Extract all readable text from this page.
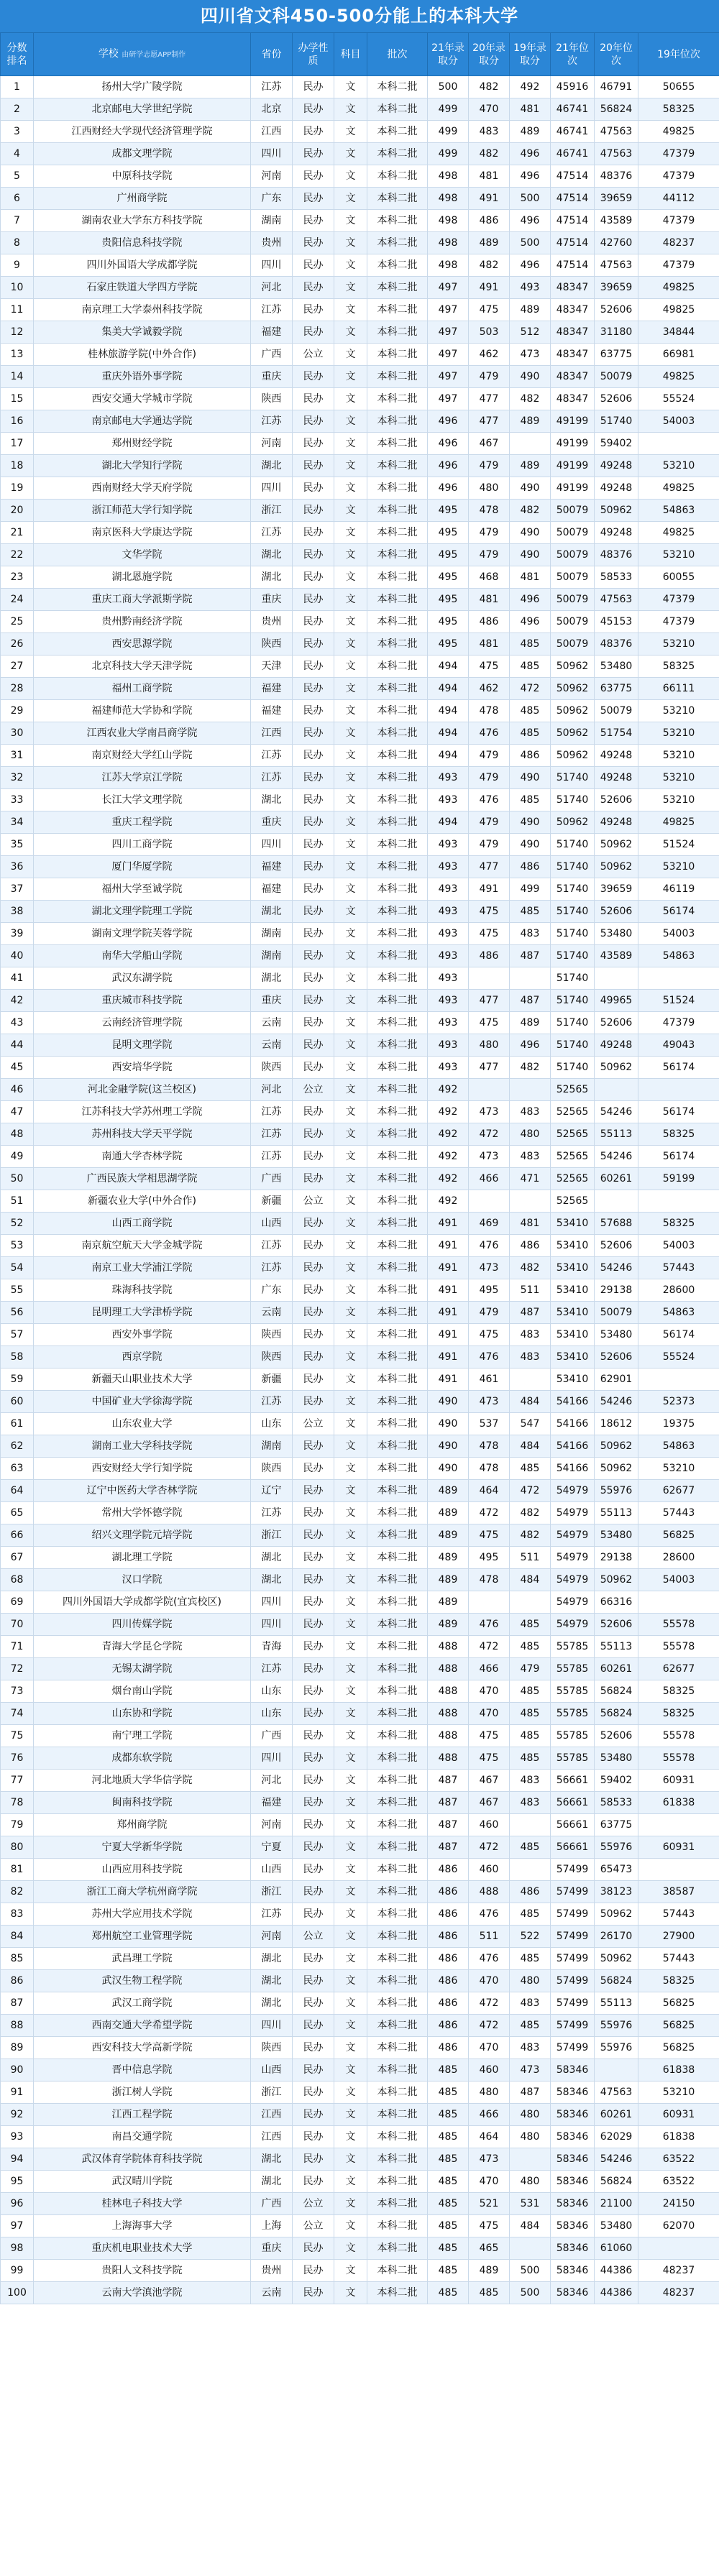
四川省文科450-500分能上的本科大学
分数排名	学校 由研学志愿APP制作	省份	办学性质	科目	批次	21年录取分	20年录取分	19年录取分	21年位次	20年位次	19年位次
1	扬州大学广陵学院	江苏	民办	文	本科二批	500	482	492	45916	46791	50655
2	北京邮电大学世纪学院	北京	民办	文	本科二批	499	470	481	46741	56824	58325
3	江西财经大学现代经济管理学院	江西	民办	文	本科二批	499	483	489	46741	47563	49825
4	成都文理学院	四川	民办	文	本科二批	499	482	496	46741	47563	47379
5	中原科技学院	河南	民办	文	本科二批	498	481	496	47514	48376	47379
6	广州商学院	广东	民办	文	本科二批	498	491	500	47514	39659	44112
7	湖南农业大学东方科技学院	湖南	民办	文	本科二批	498	486	496	47514	43589	47379
8	贵阳信息科技学院	贵州	民办	文	本科二批	498	489	500	47514	42760	48237
9	四川外国语大学成都学院	四川	民办	文	本科二批	498	482	496	47514	47563	47379
10	石家庄铁道大学四方学院	河北	民办	文	本科二批	497	491	493	48347	39659	49825
11	南京理工大学泰州科技学院	江苏	民办	文	本科二批	497	475	489	48347	52606	49825
12	集美大学诚毅学院	福建	民办	文	本科二批	497	503	512	48347	31180	34844
13	桂林旅游学院(中外合作)	广西	公立	文	本科二批	497	462	473	48347	63775	66981
14	重庆外语外事学院	重庆	民办	文	本科二批	497	479	490	48347	50079	49825
15	西安交通大学城市学院	陕西	民办	文	本科二批	497	477	482	48347	52606	55524
16	南京邮电大学通达学院	江苏	民办	文	本科二批	496	477	489	49199	51740	54003
17	郑州财经学院	河南	民办	文	本科二批	496	467		49199	59402	
18	湖北大学知行学院	湖北	民办	文	本科二批	496	479	489	49199	49248	53210
19	西南财经大学天府学院	四川	民办	文	本科二批	496	480	490	49199	49248	49825
20	浙江师范大学行知学院	浙江	民办	文	本科二批	495	478	482	50079	50962	54863
21	南京医科大学康达学院	江苏	民办	文	本科二批	495	479	490	50079	49248	49825
22	文华学院	湖北	民办	文	本科二批	495	479	490	50079	48376	53210
23	湖北恩施学院	湖北	民办	文	本科二批	495	468	481	50079	58533	60055
24	重庆工商大学派斯学院	重庆	民办	文	本科二批	495	481	496	50079	47563	47379
25	贵州黔南经济学院	贵州	民办	文	本科二批	495	486	496	50079	45153	47379
26	西安思源学院	陕西	民办	文	本科二批	495	481	485	50079	48376	53210
27	北京科技大学天津学院	天津	民办	文	本科二批	494	475	485	50962	53480	58325
28	福州工商学院	福建	民办	文	本科二批	494	462	472	50962	63775	66111
29	福建师范大学协和学院	福建	民办	文	本科二批	494	478	485	50962	50079	53210
30	江西农业大学南昌商学院	江西	民办	文	本科二批	494	476	485	50962	51754	53210
31	南京财经大学红山学院	江苏	民办	文	本科二批	494	479	486	50962	49248	53210
32	江苏大学京江学院	江苏	民办	文	本科二批	493	479	490	51740	49248	53210
33	长江大学文理学院	湖北	民办	文	本科二批	493	476	485	51740	52606	53210
34	重庆工程学院	重庆	民办	文	本科二批	494	479	490	50962	49248	49825
35	四川工商学院	四川	民办	文	本科二批	493	479	490	51740	50962	51524
36	厦门华厦学院	福建	民办	文	本科二批	493	477	486	51740	50962	53210
37	福州大学至诚学院	福建	民办	文	本科二批	493	491	499	51740	39659	46119
38	湖北文理学院理工学院	湖北	民办	文	本科二批	493	475	485	51740	52606	56174
39	湖南文理学院芙蓉学院	湖南	民办	文	本科二批	493	475	483	51740	53480	54003
40	南华大学船山学院	湖南	民办	文	本科二批	493	486	487	51740	43589	54863
41	武汉东湖学院	湖北	民办	文	本科二批	493			51740		
42	重庆城市科技学院	重庆	民办	文	本科二批	493	477	487	51740	49965	51524
43	云南经济管理学院	云南	民办	文	本科二批	493	475	489	51740	52606	47379
44	昆明文理学院	云南	民办	文	本科二批	493	480	496	51740	49248	49043
45	西安培华学院	陕西	民办	文	本科二批	493	477	482	51740	50962	56174
46	河北金融学院(这兰校区)	河北	公立	文	本科二批	492			52565		
47	江苏科技大学苏州理工学院	江苏	民办	文	本科二批	492	473	483	52565	54246	56174
48	苏州科技大学天平学院	江苏	民办	文	本科二批	492	472	480	52565	55113	58325
49	南通大学杏林学院	江苏	民办	文	本科二批	492	473	483	52565	54246	56174
50	广西民族大学相思湖学院	广西	民办	文	本科二批	492	466	471	52565	60261	59199
51	新疆农业大学(中外合作)	新疆	公立	文	本科二批	492			52565		
52	山西工商学院	山西	民办	文	本科二批	491	469	481	53410	57688	58325
53	南京航空航天大学金城学院	江苏	民办	文	本科二批	491	476	486	53410	52606	54003
54	南京工业大学浦江学院	江苏	民办	文	本科二批	491	473	482	53410	54246	57443
55	珠海科技学院	广东	民办	文	本科二批	491	495	511	53410	29138	28600
56	昆明理工大学津桥学院	云南	民办	文	本科二批	491	479	487	53410	50079	54863
57	西安外事学院	陕西	民办	文	本科二批	491	475	483	53410	53480	56174
58	西京学院	陕西	民办	文	本科二批	491	476	483	53410	52606	55524
59	新疆天山职业技术大学	新疆	民办	文	本科二批	491	461		53410	62901	
60	中国矿业大学徐海学院	江苏	民办	文	本科二批	490	473	484	54166	54246	52373
61	山东农业大学	山东	公立	文	本科二批	490	537	547	54166	18612	19375
62	湖南工业大学科技学院	湖南	民办	文	本科二批	490	478	484	54166	50962	54863
63	西安财经大学行知学院	陕西	民办	文	本科二批	490	478	485	54166	50962	53210
64	辽宁中医药大学杏林学院	辽宁	民办	文	本科二批	489	464	472	54979	55976	62677
65	常州大学怀德学院	江苏	民办	文	本科二批	489	472	482	54979	55113	57443
66	绍兴文理学院元培学院	浙江	民办	文	本科二批	489	475	482	54979	53480	56825
67	湖北理工学院	湖北	民办	文	本科二批	489	495	511	54979	29138	28600
68	汉口学院	湖北	民办	文	本科二批	489	478	484	54979	50962	54003
69	四川外国语大学成都学院(宜宾校区)	四川	民办	文	本科二批	489			54979	66316	
70	四川传媒学院	四川	民办	文	本科二批	489	476	485	54979	52606	55578
71	青海大学昆仑学院	青海	民办	文	本科二批	488	472	485	55785	55113	55578
72	无锡太湖学院	江苏	民办	文	本科二批	488	466	479	55785	60261	62677
73	烟台南山学院	山东	民办	文	本科二批	488	470	485	55785	56824	58325
74	山东协和学院	山东	民办	文	本科二批	488	470	485	55785	56824	58325
75	南宁理工学院	广西	民办	文	本科二批	488	475	485	55785	52606	55578
76	成都东软学院	四川	民办	文	本科二批	488	475	485	55785	53480	55578
77	河北地质大学华信学院	河北	民办	文	本科二批	487	467	483	56661	59402	60931
78	闽南科技学院	福建	民办	文	本科二批	487	467	483	56661	58533	61838
79	郑州商学院	河南	民办	文	本科二批	487	460		56661	63775	
80	宁夏大学新华学院	宁夏	民办	文	本科二批	487	472	485	56661	55976	60931
81	山西应用科技学院	山西	民办	文	本科二批	486	460		57499	65473	
82	浙江工商大学杭州商学院	浙江	民办	文	本科二批	486	488	486	57499	38123	38587
83	苏州大学应用技术学院	江苏	民办	文	本科二批	486	476	485	57499	50962	57443
84	郑州航空工业管理学院	河南	公立	文	本科二批	486	511	522	57499	26170	27900
85	武昌理工学院	湖北	民办	文	本科二批	486	476	485	57499	50962	57443
86	武汉生物工程学院	湖北	民办	文	本科二批	486	470	480	57499	56824	58325
87	武汉工商学院	湖北	民办	文	本科二批	486	472	483	57499	55113	56825
88	西南交通大学希望学院	四川	民办	文	本科二批	486	472	485	57499	55976	56825
89	西安科技大学高新学院	陕西	民办	文	本科二批	486	470	483	57499	55976	56825
90	晋中信息学院	山西	民办	文	本科二批	485	460	473	58346		61838
91	浙江树人学院	浙江	民办	文	本科二批	485	480	487	58346	47563	53210
92	江西工程学院	江西	民办	文	本科二批	485	466	480	58346	60261	60931
93	南昌交通学院	江西	民办	文	本科二批	485	464	480	58346	62029	61838
94	武汉体育学院体育科技学院	湖北	民办	文	本科二批	485	473		58346	54246	63522
95	武汉晴川学院	湖北	民办	文	本科二批	485	470	480	58346	56824	63522
96	桂林电子科技大学	广西	公立	文	本科二批	485	521	531	58346	21100	24150
97	上海海事大学	上海	公立	文	本科二批	485	475	484	58346	53480	62070
98	重庆机电职业技术大学	重庆	民办	文	本科二批	485	465		58346	61060	
99	贵阳人文科技学院	贵州	民办	文	本科二批	485	489	500	58346	44386	48237
100	云南大学滇池学院	云南	民办	文	本科二批	485	485	500	58346	44386	48237
